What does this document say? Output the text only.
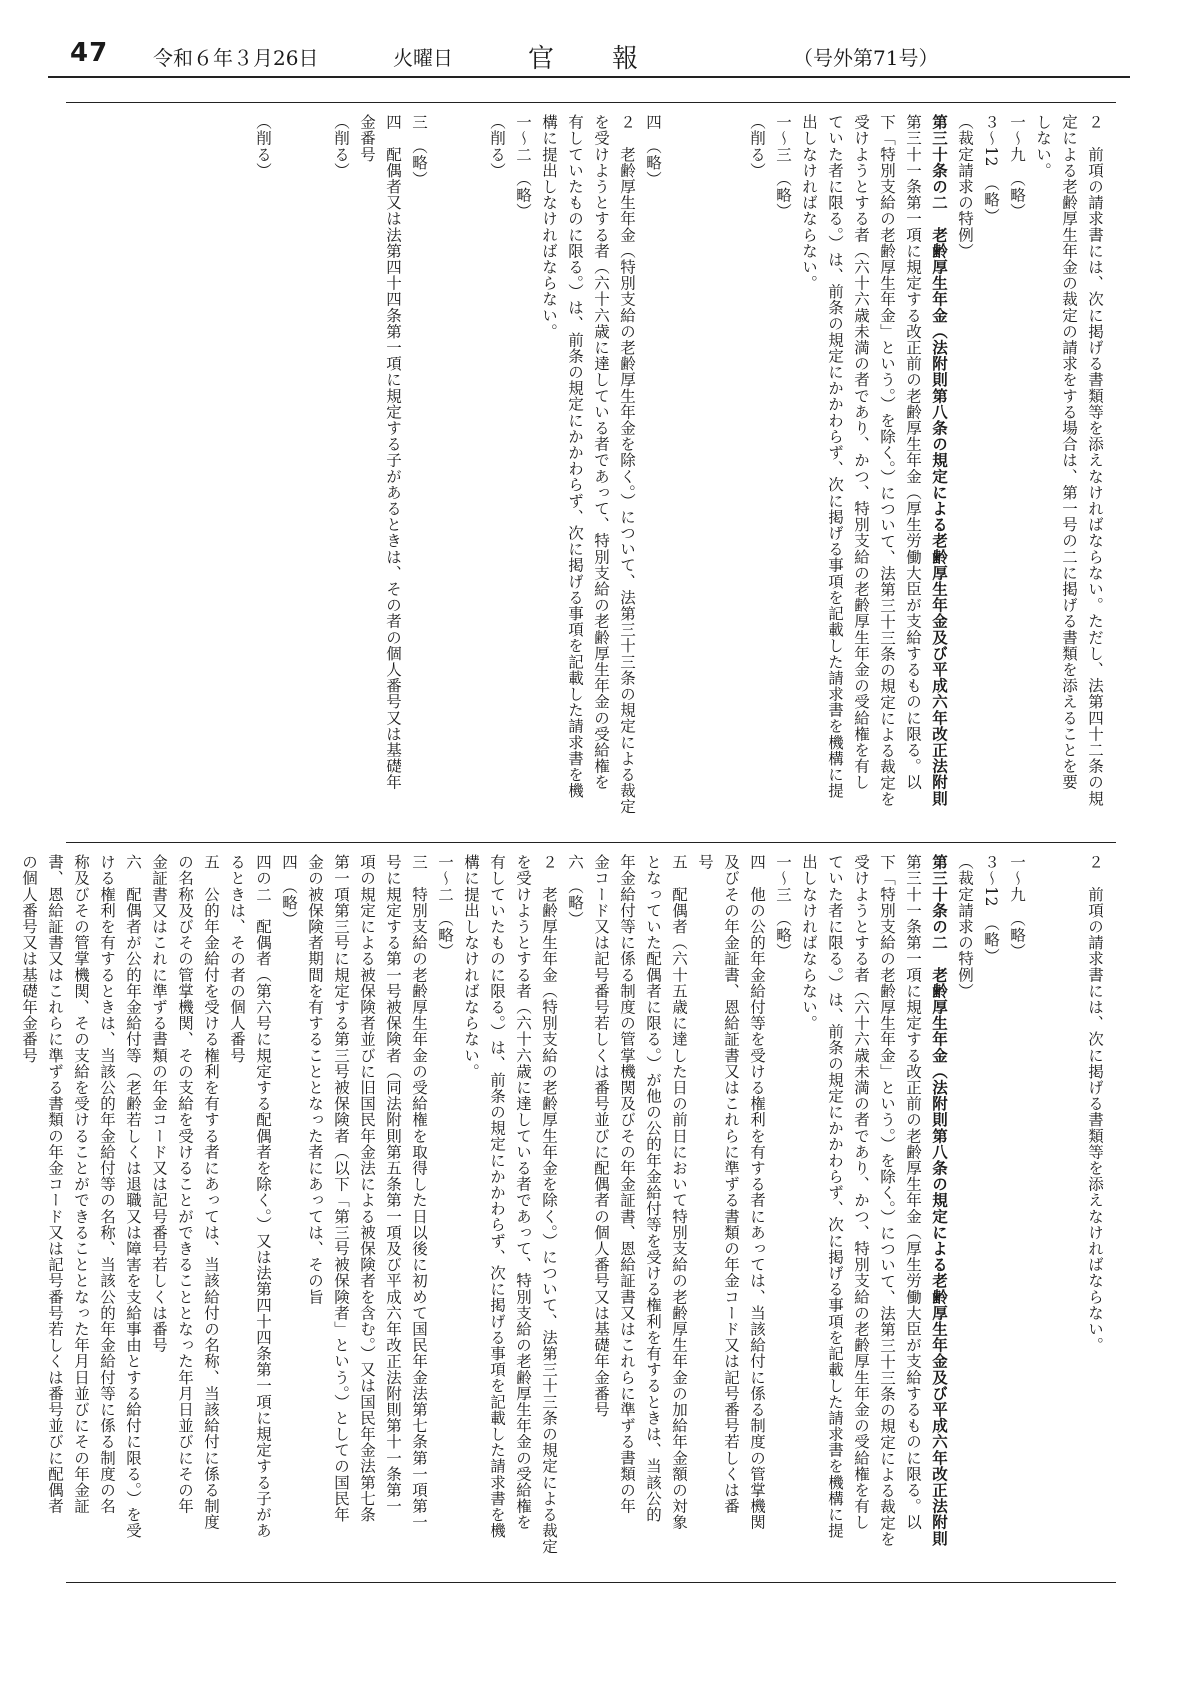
47 令和６年３月26日	火曜日	官報	（号外第71号）
２　前項の請求書には、次に掲げる書類等を添えなければならない。ただし、法第四十二条の規
定による老齢厚生年金の裁定の請求をする場合は、第一号の二に掲げる書類を添えることを要
しない。
一～九　（略）
３～12　（略）
（裁定請求の特例）
第三十条の二　老齢厚生年金（法附則第八条の規定による老齢厚生年金及び平成六年改正法附則
第三十一条第一項に規定する改正前の老齢厚生年金（厚生労働大臣が支給するものに限る。以
下「特別支給の老齢厚生年金」という。）を除く。）について、法第三十三条の規定による裁定を
受けようとする者（六十六歳未満の者であり、かつ、特別支給の老齢厚生年金の受給権を有し
ていた者に限る。）は、前条の規定にかかわらず、次に掲げる事項を記載した請求書を機構に提
出しなければならない。
一～三　（略）
（削る）
四　（略）
２　老齢厚生年金（特別支給の老齢厚生年金を除く。）について、法第三十三条の規定による裁定
を受けようとする者（六十六歳に達している者であって、特別支給の老齢厚生年金の受給権を
有していたものに限る。）は、前条の規定にかかわらず、次に掲げる事項を記載した請求書を機
構に提出しなければならない。
一～二　（略）
（削る）
三　（略）
四　配偶者又は法第四十四条第一項に規定する子があるときは、その者の個人番号又は基礎年
金番号
（削る）
（削る）
２　前項の請求書には、次に掲げる書類等を添えなければならない。
一～九　（略）
３～12　（略）
（裁定請求の特例）
第三十条の二　老齢厚生年金（法附則第八条の規定による老齢厚生年金及び平成六年改正法附則
第三十一条第一項に規定する改正前の老齢厚生年金（厚生労働大臣が支給するものに限る。以
下「特別支給の老齢厚生年金」という。）を除く。）について、法第三十三条の規定による裁定を
受けようとする者（六十六歳未満の者であり、かつ、特別支給の老齢厚生年金の受給権を有し
ていた者に限る。）は、前条の規定にかかわらず、次に掲げる事項を記載した請求書を機構に提
出しなければならない。
一～三　（略）
四　他の公的年金給付等を受ける権利を有する者にあっては、当該給付に係る制度の管掌機関
及びその年金証書、恩給証書又はこれらに準ずる書類の年金コード又は記号番号若しくは番
号
五　配偶者（六十五歳に達した日の前日において特別支給の老齢厚生年金の加給年金額の対象
となっていた配偶者に限る。）が他の公的年金給付等を受ける権利を有するときは、当該公的
年金給付等に係る制度の管掌機関及びその年金証書、恩給証書又はこれらに準ずる書類の年
金コード又は記号番号若しくは番号並びに配偶者の個人番号又は基礎年金番号
六　（略）
２　老齢厚生年金（特別支給の老齢厚生年金を除く。）について、法第三十三条の規定による裁定
を受けようとする者（六十六歳に達している者であって、特別支給の老齢厚生年金の受給権を
有していたものに限る。）は、前条の規定にかかわらず、次に掲げる事項を記載した請求書を機
構に提出しなければならない。
一～二　（略）
三　特別支給の老齢厚生年金の受給権を取得した日以後に初めて国民年金法第七条第一項第一
号に規定する第一号被保険者（同法附則第五条第一項及び平成六年改正法附則第十一条第一
項の規定による被保険者並びに旧国民年金法による被保険者を含む。）又は国民年金法第七条
第一項第三号に規定する第三号被保険者（以下「第三号被保険者」という。）としての国民年
金の被保険者期間を有することとなった者にあっては、その旨
四　（略）
四の二　配偶者（第六号に規定する配偶者を除く。）又は法第四十四条第一項に規定する子があ
るときは、その者の個人番号
五　公的年金給付を受ける権利を有する者にあっては、当該給付の名称、当該給付に係る制度
の名称及びその管掌機関、その支給を受けることができることとなった年月日並びにその年
金証書又はこれに準ずる書類の年金コード又は記号番号若しくは番号
六　配偶者が公的年金給付等（老齢若しくは退職又は障害を支給事由とする給付に限る。）を受
ける権利を有するときは、当該公的年金給付等の名称、当該公的年金給付等に係る制度の名
称及びその管掌機関、その支給を受けることができることとなった年月日並びにその年金証
書、恩給証書又はこれらに準ずる書類の年金コード又は記号番号若しくは番号並びに配偶者
の個人番号又は基礎年金番号
